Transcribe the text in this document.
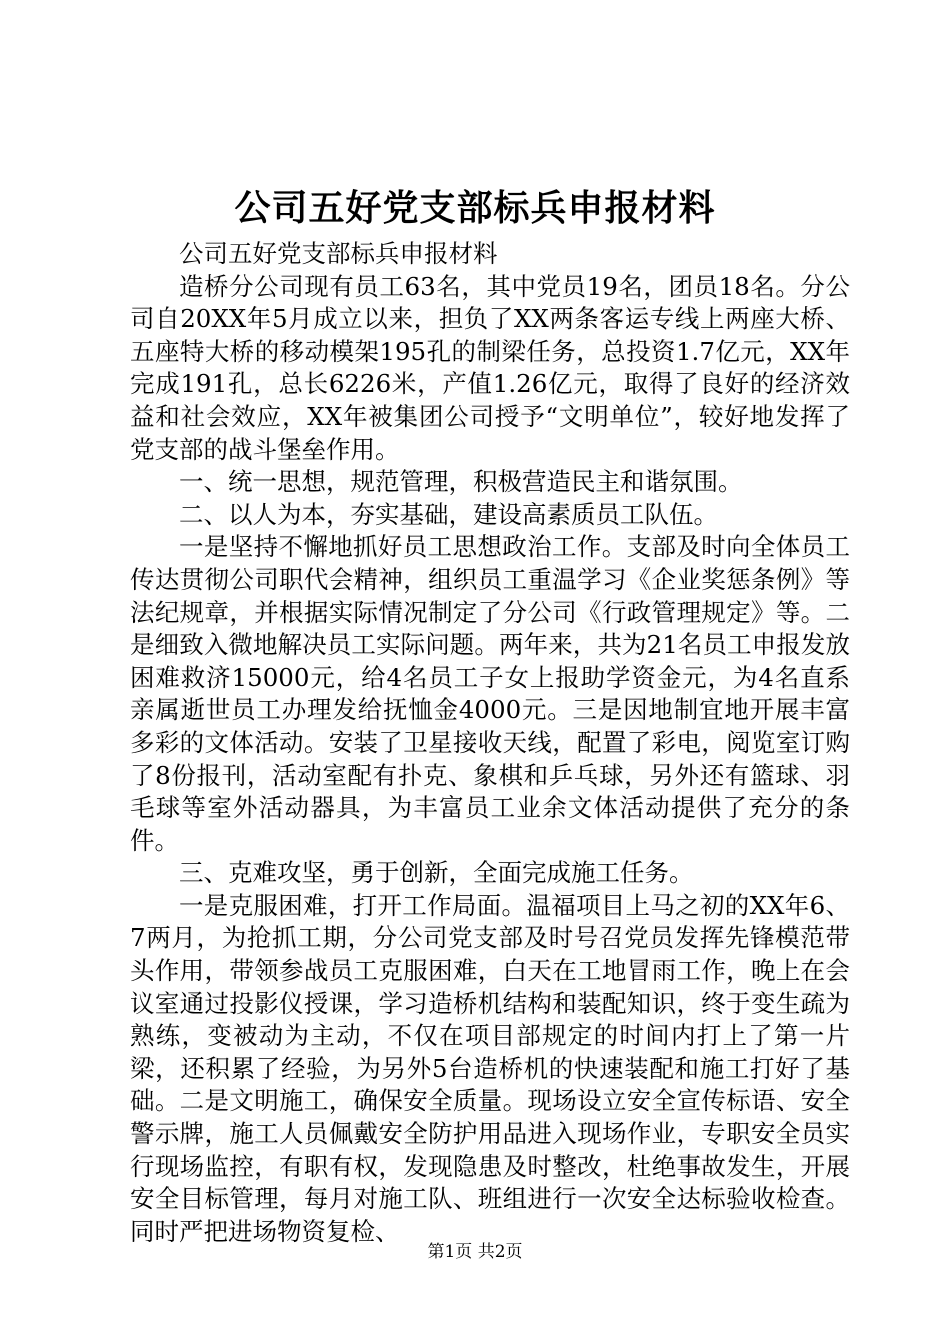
公司五好党支部标兵申报材料

公司五好党支部标兵申报材料

造桥分公司现有员工63名，其中党员19名，团员18名。分公司自20XX年5月成立以来，担负了XX两条客运专线上两座大桥、五座特大桥的移动模架195孔的制梁任务，总投资1.7亿元，XX年完成191孔，总长6226米，产值1.26亿元，取得了良好的经济效益和社会效应，XX年被集团公司授予“文明单位”，较好地发挥了党支部的战斗堡垒作用。

一、统一思想，规范管理，积极营造民主和谐氛围。

二、以人为本，夯实基础，建设高素质员工队伍。

一是坚持不懈地抓好员工思想政治工作。支部及时向全体员工传达贯彻公司职代会精神，组织员工重温学习《企业奖惩条例》等法纪规章，并根据实际情况制定了分公司《行政管理规定》等。二是细致入微地解决员工实际问题。两年来，共为21名员工申报发放困难救济15000元，给4名员工子女上报助学资金元，为4名直系亲属逝世员工办理发给抚恤金4000元。三是因地制宜地开展丰富多彩的文体活动。安装了卫星接收天线，配置了彩电，阅览室订购了8份报刊，活动室配有扑克、象棋和乒乓球，另外还有篮球、羽毛球等室外活动器具，为丰富员工业余文体活动提供了充分的条件。

三、克难攻坚，勇于创新，全面完成施工任务。

一是克服困难，打开工作局面。温福项目上马之初的XX年6、7两月，为抢抓工期，分公司党支部及时号召党员发挥先锋模范带头作用，带领参战员工克服困难，白天在工地冒雨工作，晚上在会议室通过投影仪授课，学习造桥机结构和装配知识，终于变生疏为熟练，变被动为主动，不仅在项目部规定的时间内打上了第一片梁，还积累了经验，为另外5台造桥机的快速装配和施工打好了基础。二是文明施工，确保安全质量。现场设立安全宣传标语、安全警示牌，施工人员佩戴安全防护用品进入现场作业，专职安全员实行现场监控，有职有权，发现隐患及时整改，杜绝事故发生，开展安全目标管理，每月对施工队、班组进行一次安全达标验收检查。同时严把进场物资复检、

第1页 共2页
